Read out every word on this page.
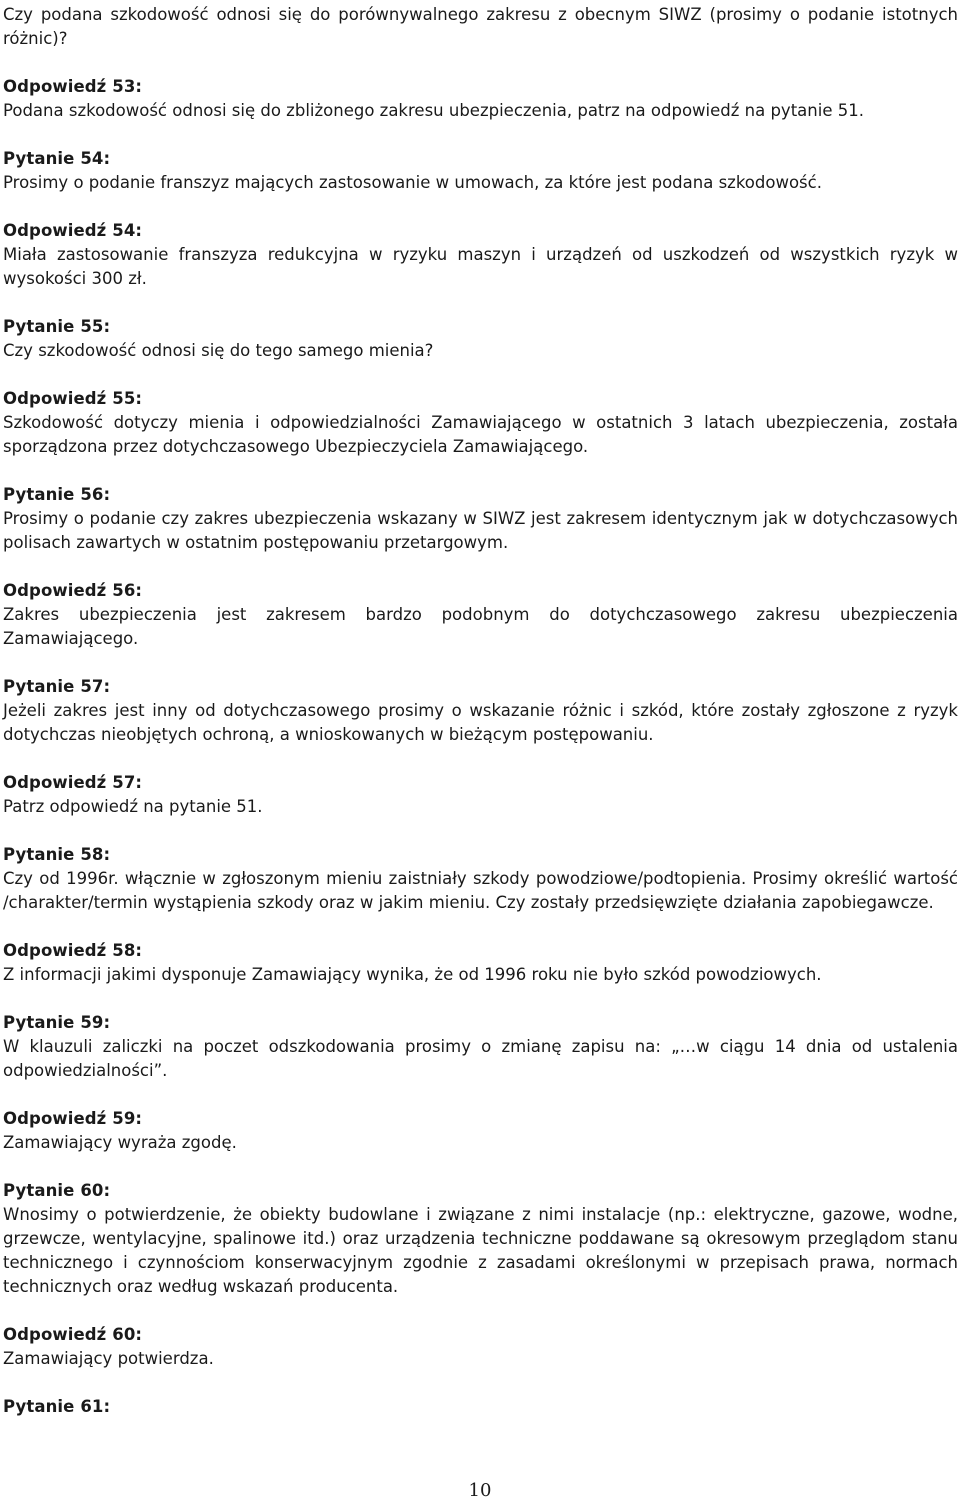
Czy podana szkodowość odnosi się do porównywalnego zakresu z obecnym SIWZ (prosimy o podanie istotnych różnic)?

Odpowiedź 53:

Podana szkodowość odnosi się do zbliżonego zakresu ubezpieczenia, patrz na odpowiedź na pytanie 51.

Pytanie 54:

Prosimy o podanie franszyz mających zastosowanie w umowach, za które jest podana szkodowość.

Odpowiedź 54:

Miała zastosowanie franszyza redukcyjna w ryzyku maszyn i urządzeń od uszkodzeń od wszystkich ryzyk w wysokości 300 zł.

Pytanie 55:

Czy szkodowość odnosi się do tego samego mienia?

Odpowiedź 55:

Szkodowość dotyczy mienia i odpowiedzialności Zamawiającego w ostatnich 3 latach ubezpieczenia, została sporządzona przez dotychczasowego Ubezpieczyciela Zamawiającego.

Pytanie 56:

Prosimy o podanie czy zakres ubezpieczenia wskazany w SIWZ jest zakresem identycznym jak w dotychczasowych polisach zawartych w ostatnim postępowaniu przetargowym.

Odpowiedź 56:

Zakres ubezpieczenia jest zakresem bardzo podobnym do dotychczasowego zakresu ubezpieczenia Zamawiającego.

Pytanie 57:

Jeżeli zakres jest inny od dotychczasowego prosimy o wskazanie różnic i szkód, które zostały zgłoszone z ryzyk dotychczas nieobjętych ochroną, a wnioskowanych w bieżącym postępowaniu.

Odpowiedź 57:

Patrz odpowiedź na pytanie 51.

Pytanie 58:

Czy od 1996r. włącznie w zgłoszonym mieniu zaistniały szkody powodziowe/podtopienia. Prosimy określić wartość /charakter/termin wystąpienia szkody oraz w jakim mieniu. Czy zostały przedsięwzięte działania zapobiegawcze.

Odpowiedź 58:

Z informacji jakimi dysponuje Zamawiający wynika, że od 1996 roku nie było szkód powodziowych.

Pytanie 59:

W klauzuli zaliczki na poczet odszkodowania prosimy o zmianę zapisu na: „…w ciągu 14 dnia od ustalenia odpowiedzialności”.

Odpowiedź 59:

Zamawiający wyraża zgodę.

Pytanie 60:

Wnosimy o potwierdzenie, że obiekty budowlane i związane z nimi instalacje (np.: elektryczne, gazowe, wodne, grzewcze, wentylacyjne, spalinowe itd.) oraz urządzenia techniczne poddawane są okresowym przeglądom stanu technicznego i czynnościom konserwacyjnym zgodnie z zasadami określonymi w przepisach prawa, normach technicznych oraz według wskazań producenta.

Odpowiedź 60:

Zamawiający potwierdza.

Pytanie 61:

10
